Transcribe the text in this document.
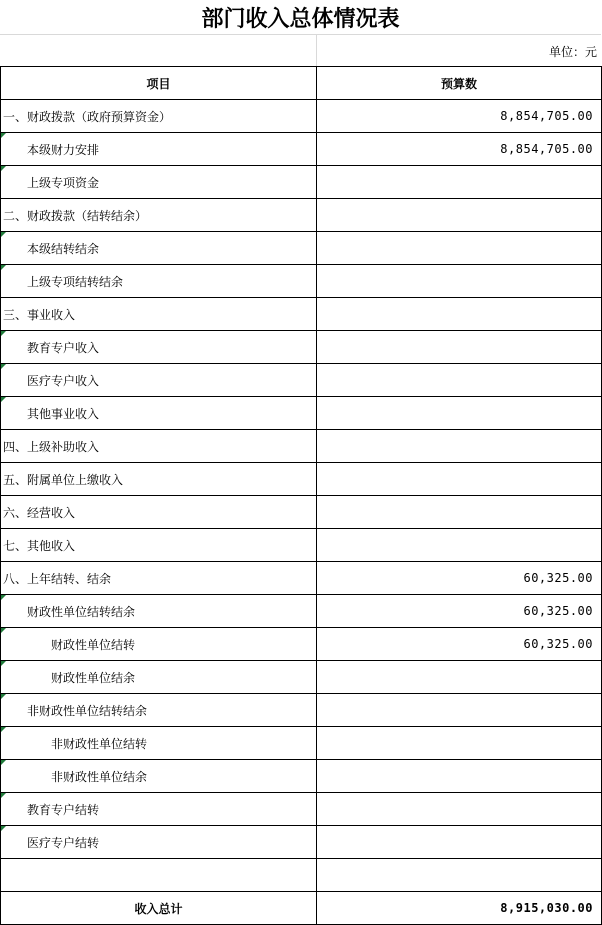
部门收入总体情况表
单位：元
项目	预算数
一、财政拨款（政府预算资金）	8,854,705.00

本级财力安排	8,854,705.00

上级专项资金	
二、财政拨款（结转结余）	

本级结转结余	

上级专项结转结余	
三、事业收入	

教育专户收入	

医疗专户收入	

其他事业收入	
四、上级补助收入	
五、附属单位上缴收入	
六、经营收入	
七、其他收入	
八、上年结转、结余	60,325.00

财政性单位结转结余	60,325.00

财政性单位结转	60,325.00

财政性单位结余	

非财政性单位结转结余	

非财政性单位结转	

非财政性单位结余	

教育专户结转	

医疗专户结转	

收入总计	8,915,030.00
